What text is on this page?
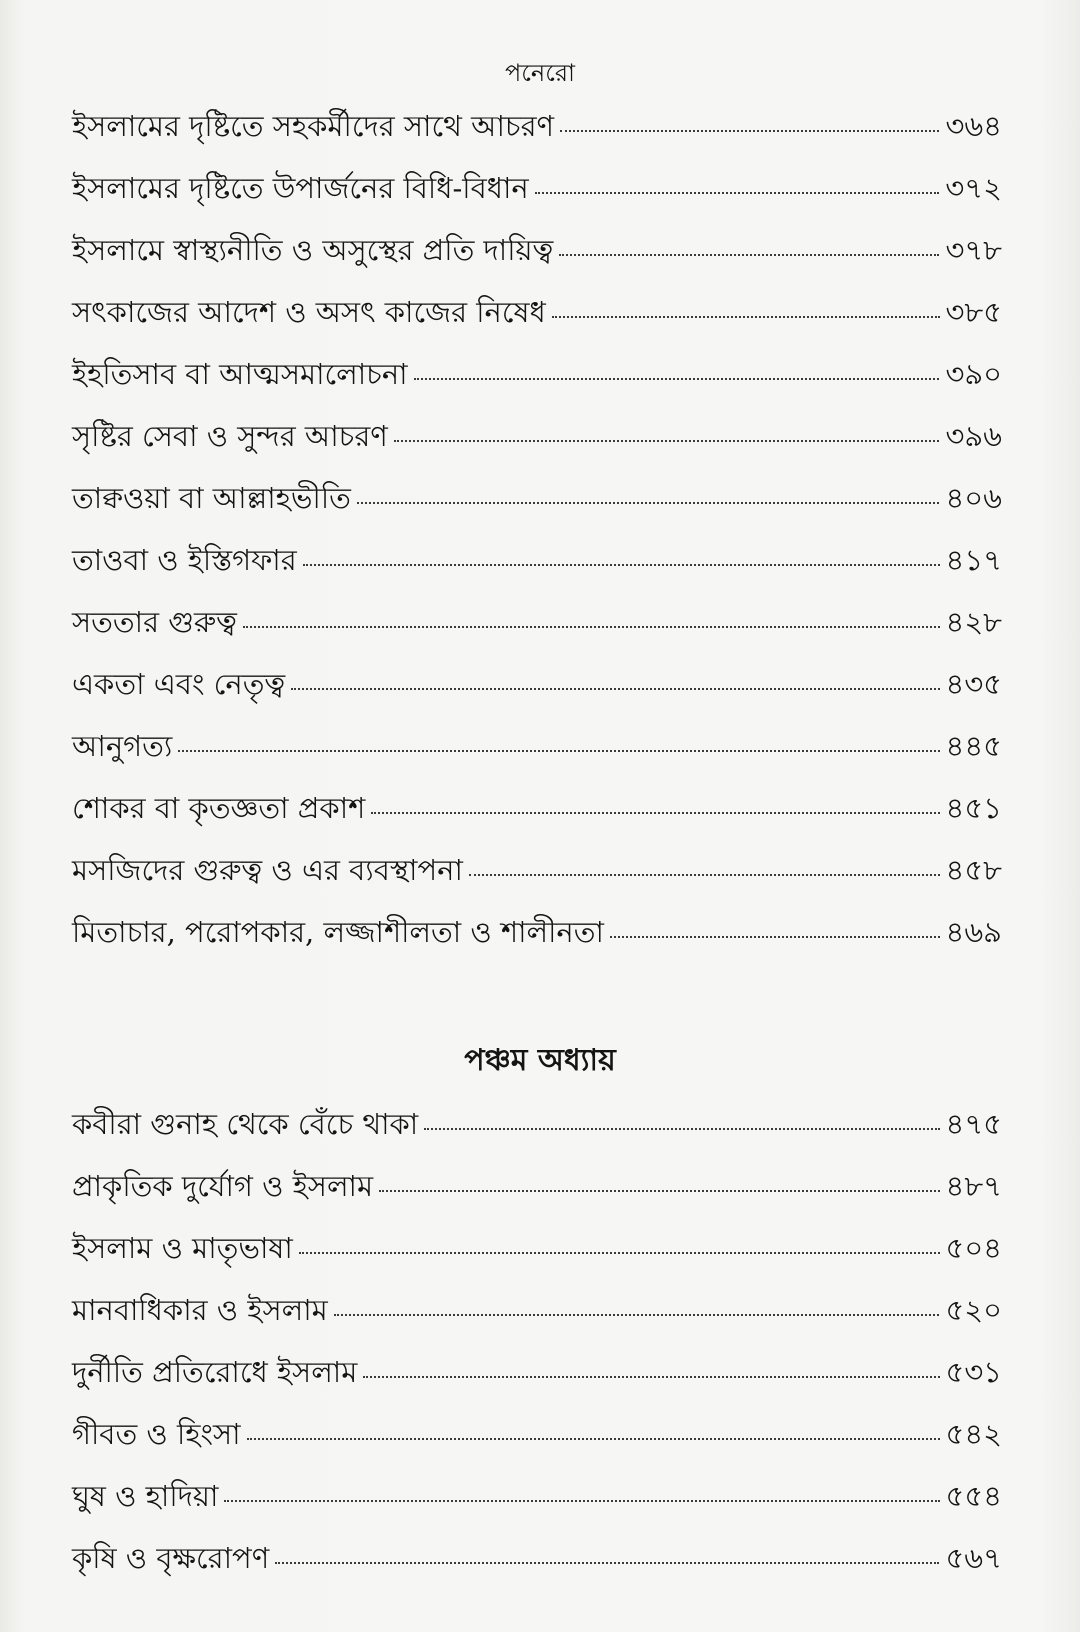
পনেরো
ইসলামের দৃষ্টিতে সহকর্মীদের সাথে আচরণ	৩৬৪
ইসলামের দৃষ্টিতে উপার্জনের বিধি-বিধান	৩৭২
ইসলামে স্বাস্থ্যনীতি ও অসুস্থের প্রতি দায়িত্ব	৩৭৮
সৎকাজের আদেশ ও অসৎ কাজের নিষেধ	৩৮৫
ইহতিসাব বা আত্মসমালোচনা	৩৯০
সৃষ্টির সেবা ও সুন্দর আচরণ	৩৯৬
তাক্বওয়া বা আল্লাহভীতি	৪০৬
তাওবা ও ইস্তিগফার	৪১৭
সততার গুরুত্ব	৪২৮
একতা এবং নেতৃত্ব	৪৩৫
আনুগত্য	৪৪৫
শোকর বা কৃতজ্ঞতা প্রকাশ	৪৫১
মসজিদের গুরুত্ব ও এর ব্যবস্থাপনা	৪৫৮
মিতাচার, পরোপকার, লজ্জাশীলতা ও শালীনতা	৪৬৯
পঞ্চম অধ্যায়
কবীরা গুনাহ থেকে বেঁচে থাকা	৪৭৫
প্রাকৃতিক দুর্যোগ ও ইসলাম	৪৮৭
ইসলাম ও মাতৃভাষা	৫০৪
মানবাধিকার ও ইসলাম	৫২০
দুর্নীতি প্রতিরোধে ইসলাম	৫৩১
গীবত ও হিংসা	৫৪২
ঘুষ ও হাদিয়া	৫৫৪
কৃষি ও বৃক্ষরোপণ	৫৬৭
